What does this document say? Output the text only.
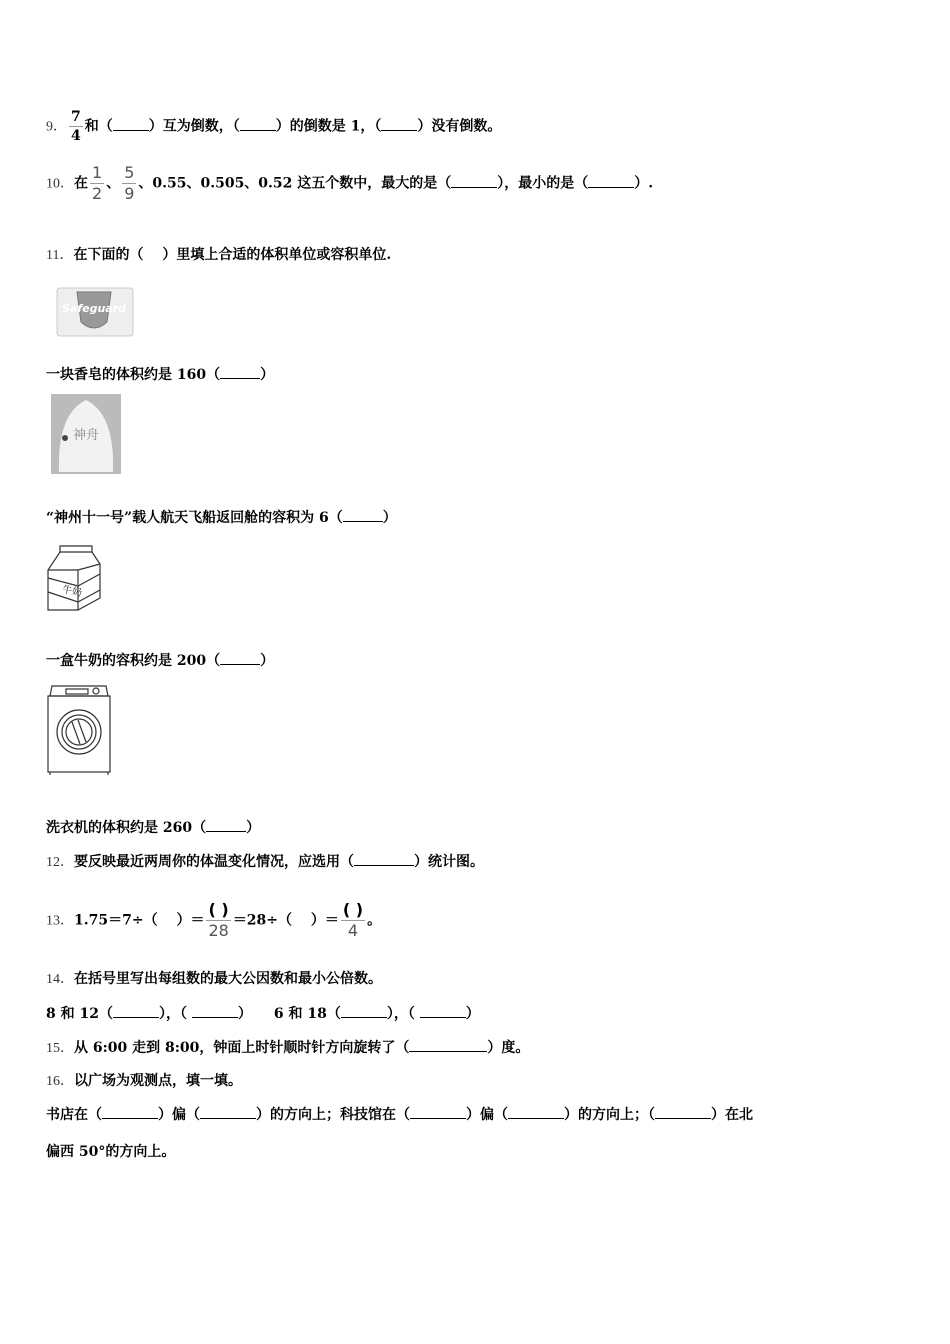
9． $\frac{7}{4}$ 和（	）互为倒数，（	）的倒数是 1，（	）没有倒数。
10．在 $\frac{1}{2}$ 、 $\frac{5}{9}$ 、0.55、0.505、0.52 这五个数中，最大的是（	），最小的是（	）.
11．在下面的（　 ）里填上合适的体积单位或容积单位.
Safeguard
一块香皂的体积约是 160（	）
神舟
“神州十一号”载人航天飞船返回舱的容积为 6（	）
牛奶
一盒牛奶的容积约是 200（	）
洗衣机的体积约是 260（	）
12．要反映最近两周你的体温变化情况，应选用（	）统计图。
13．1.75＝7÷（　 ）＝ $\frac{( )}{28} =28\div$（　 ）＝ $\frac{( )}{4}$ 。
14．在括号里写出每组数的最大公因数和最小公倍数。
8 和 12（	），（	） 6 和 18（	），（	）
15．从 6:00 走到 8:00，钟面上时针顺时针方向旋转了（	）度。
16．以广场为观测点，填一填。
书店在（	）偏（	）的方向上；科技馆在（	）偏（	）的方向上；（	）在北
偏西 50°的方向上。
